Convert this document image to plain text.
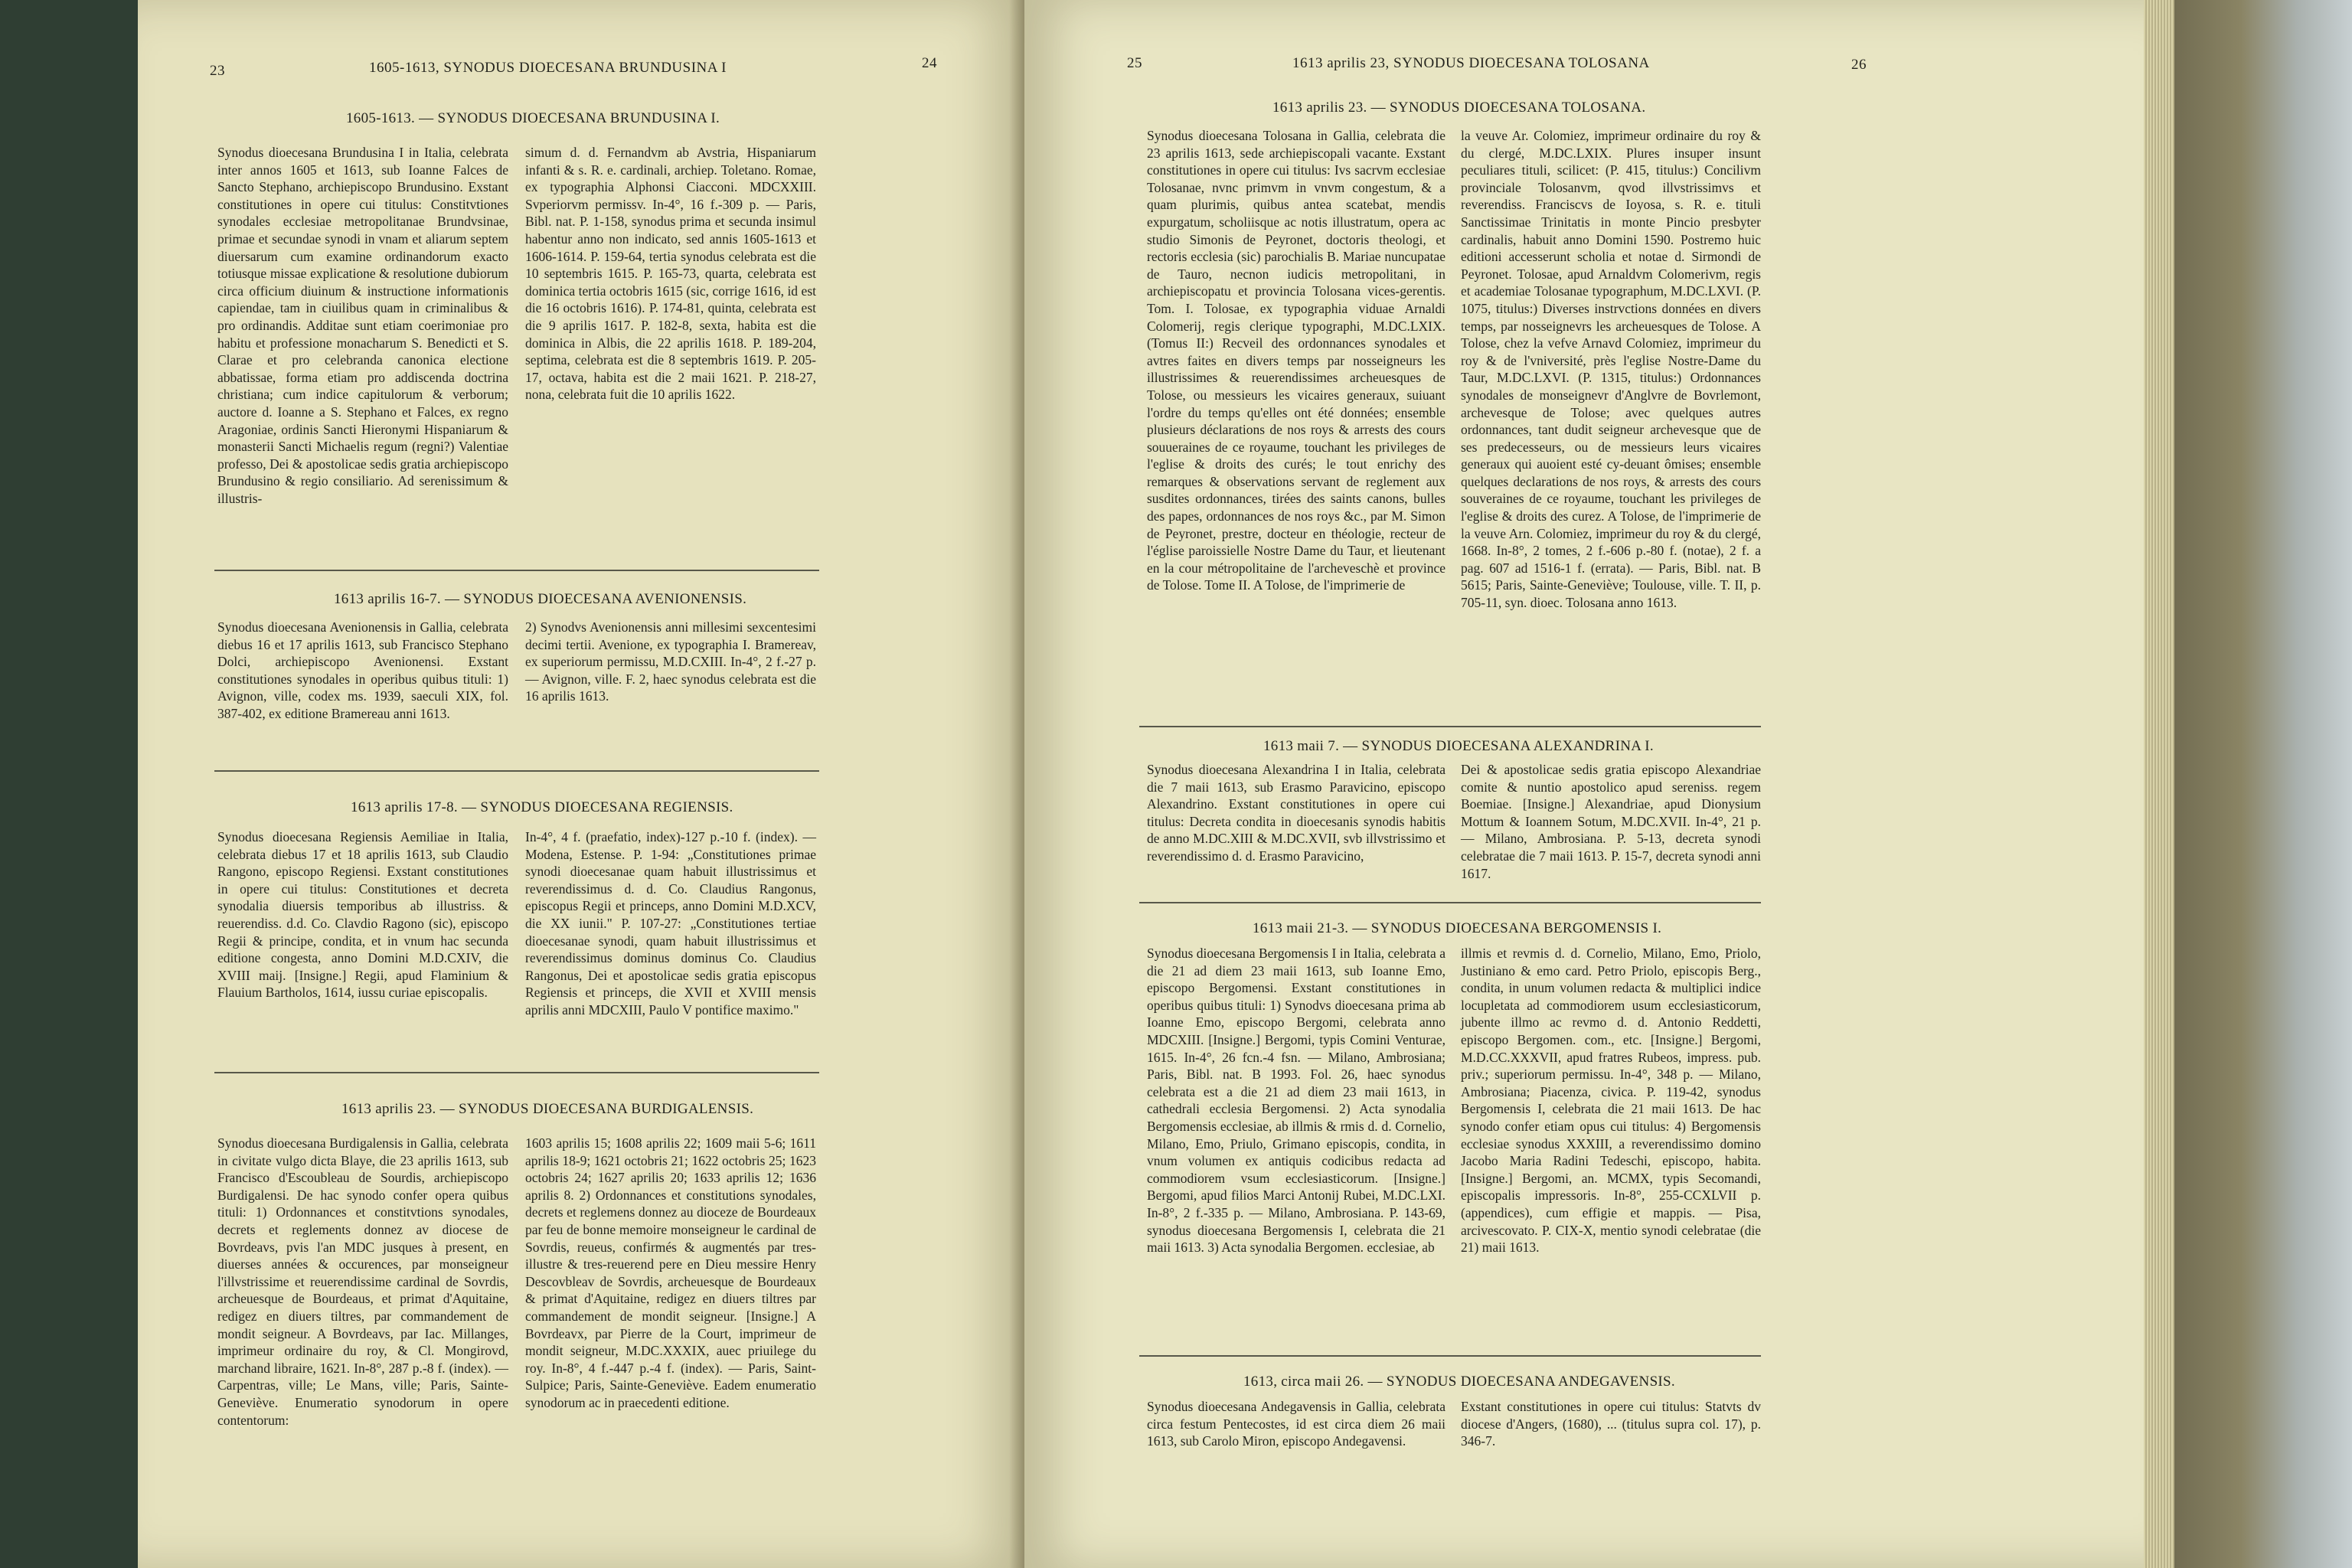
23	1605-1613, SYNODUS DIOECESANA BRUNDUSINA I	24
1605-1613. — SYNODUS DIOECESANA BRUNDUSINA I.

Synodus dioecesana Brundusina I in Italia, celebrata inter annos 1605 et 1613, sub Ioanne Falces de Sancto Stephano, archiepiscopo Brundusino. Exstant constitutiones in opere cui titulus: Constitvtiones synodales ecclesiae metropolitanae Brundvsinae, primae et secundae synodi in vnam et aliarum septem diuersarum cum examine ordinandorum exacto totiusque missae explicatione & resolutione dubiorum circa officium diuinum & instructione informationis capiendae, tam in ciuilibus quam in criminalibus & pro ordinandis. Additae sunt etiam coerimoniae pro habitu et professione monacharum S. Benedicti et S. Clarae et pro celebranda canonica electione abbatissae, forma etiam pro addiscenda doctrina christiana; cum indice capitulorum & verborum; auctore d. Ioanne a S. Stephano et Falces, ex regno Aragoniae, ordinis Sancti Hieronymi Hispaniarum & monasterii Sancti Michaelis regum (regni?) Valentiae professo, Dei & apostolicae sedis gratia archiepiscopo Brundusino & regio consiliario. Ad serenissimum & illustris-

simum d. d. Fernandvm ab Avstria, Hispaniarum infanti & s. R. e. cardinali, archiep. Toletano. Romae, ex typographia Alphonsi Ciacconi. MDCXXIII. Svperiorvm permissv. In-4°, 16 f.-309 p. — Paris, Bibl. nat. P. 1-158, synodus prima et secunda insimul habentur anno non indicato, sed annis 1605-1613 et 1606-1614. P. 159-64, tertia synodus celebrata est die 10 septembris 1615. P. 165-73, quarta, celebrata est dominica tertia octobris 1615 (sic, corrige 1616, id est die 16 octobris 1616). P. 174-81, quinta, celebrata est die 9 aprilis 1617. P. 182-8, sexta, habita est die dominica in Albis, die 22 aprilis 1618. P. 189-204, septima, celebrata est die 8 septembris 1619. P. 205-17, octava, habita est die 2 maii 1621. P. 218-27, nona, celebrata fuit die 10 aprilis 1622.

1613 aprilis 16-7. — SYNODUS DIOECESANA AVENIONENSIS.

Synodus dioecesana Avenionensis in Gallia, celebrata diebus 16 et 17 aprilis 1613, sub Francisco Stephano Dolci, archiepiscopo Avenionensi. Exstant constitutiones synodales in operibus quibus tituli: 1) Avignon, ville, codex ms. 1939, saeculi XIX, fol. 387-402, ex editione Bramereau anni 1613.

2) Synodvs Avenionensis anni millesimi sexcentesimi decimi tertii. Avenione, ex typographia I. Bramereav, ex superiorum permissu, M.D.CXIII. In-4°, 2 f.-27 p. — Avignon, ville. F. 2, haec synodus celebrata est die 16 aprilis 1613.

1613 aprilis 17-8. — SYNODUS DIOECESANA REGIENSIS.

Synodus dioecesana Regiensis Aemiliae in Italia, celebrata diebus 17 et 18 aprilis 1613, sub Claudio Rangono, episcopo Regiensi. Exstant constitutiones in opere cui titulus: Constitutiones et decreta synodalia diuersis temporibus ab illustriss. & reuerendiss. d.d. Co. Clavdio Ragono (sic), episcopo Regii & principe, condita, et in vnum hac secunda editione congesta, anno Domini M.D.CXIV, die XVIII maij. [Insigne.] Regii, apud Flaminium & Flauium Bartholos, 1614, iussu curiae episcopalis.

In-4°, 4 f. (praefatio, index)-127 p.-10 f. (index). — Modena, Estense. P. 1-94: „Constitutiones primae synodi dioecesanae quam habuit illustrissimus et reverendissimus d. d. Co. Claudius Rangonus, episcopus Regii et princeps, anno Domini M.D.XCV, die XX iunii." P. 107-27: „Constitutiones tertiae dioecesanae synodi, quam habuit illustrissimus et reverendissimus dominus dominus Co. Claudius Rangonus, Dei et apostolicae sedis gratia episcopus Regiensis et princeps, die XVII et XVIII mensis aprilis anni MDCXIII, Paulo V pontifice maximo."

1613 aprilis 23. — SYNODUS DIOECESANA BURDIGALENSIS.

Synodus dioecesana Burdigalensis in Gallia, celebrata in civitate vulgo dicta Blaye, die 23 aprilis 1613, sub Francisco d'Escoubleau de Sourdis, archiepiscopo Burdigalensi. De hac synodo confer opera quibus tituli: 1) Ordonnances et constitvtions synodales, decrets et reglements donnez av diocese de Bovrdeavs, pvis l'an MDC jusques à present, en diuerses années & occurences, par monseigneur l'illvstrissime et reuerendissime cardinal de Sovrdis, archeuesque de Bourdeaus, et primat d'Aquitaine, redigez en diuers tiltres, par commandement de mondit seigneur. A Bovrdeavs, par Iac. Millanges, imprimeur ordinaire du roy, & Cl. Mongirovd, marchand libraire, 1621. In-8°, 287 p.-8 f. (index). — Carpentras, ville; Le Mans, ville; Paris, Sainte-Geneviève. Enumeratio synodorum in opere contentorum:

1603 aprilis 15; 1608 aprilis 22; 1609 maii 5-6; 1611 aprilis 18-9; 1621 octobris 21; 1622 octobris 25; 1623 octobris 24; 1627 aprilis 20; 1633 aprilis 12; 1636 aprilis 8. 2) Ordonnances et constitutions synodales, decrets et reglemens donnez au dioceze de Bourdeaux par feu de bonne memoire monseigneur le cardinal de Sovrdis, reueus, confirmés & augmentés par tres-illustre & tres-reuerend pere en Dieu messire Henry Descovbleav de Sovrdis, archeuesque de Bourdeaux & primat d'Aquitaine, redigez en diuers tiltres par commandement de mondit seigneur. [Insigne.] A Bovrdeavx, par Pierre de la Court, imprimeur de mondit seigneur, M.DC.XXXIX, auec priuilege du roy. In-8°, 4 f.-447 p.-4 f. (index). — Paris, Saint-Sulpice; Paris, Sainte-Geneviève. Eadem enumeratio synodorum ac in praecedenti editione.

25	1613 aprilis 23, SYNODUS DIOECESANA TOLOSANA	26
1613 aprilis 23. — SYNODUS DIOECESANA TOLOSANA.

Synodus dioecesana Tolosana in Gallia, celebrata die 23 aprilis 1613, sede archiepiscopali vacante. Exstant constitutiones in opere cui titulus: Ivs sacrvm ecclesiae Tolosanae, nvnc primvm in vnvm congestum, & a quam plurimis, quibus antea scatebat, mendis expurgatum, scholiisque ac notis illustratum, opera ac studio Simonis de Peyronet, doctoris theologi, et rectoris ecclesia (sic) parochialis B. Mariae nuncupatae de Tauro, necnon iudicis metropolitani, in archiepiscopatu et provincia Tolosana vices-gerentis. Tom. I. Tolosae, ex typographia viduae Arnaldi Colomerij, regis clerique typographi, M.DC.LXIX. (Tomus II:) Recveil des ordonnances synodales et avtres faites en divers temps par nosseigneurs les illustrissimes & reuerendissimes archeuesques de Tolose, ou messieurs les vicaires generaux, suiuant l'ordre du temps qu'elles ont été données; ensemble plusieurs déclarations de nos roys & arrests des cours souueraines de ce royaume, touchant les privileges de l'eglise & droits des curés; le tout enrichy des remarques & observations servant de reglement aux susdites ordonnances, tirées des saints canons, bulles des papes, ordonnances de nos roys &c., par M. Simon de Peyronet, prestre, docteur en théologie, recteur de l'église paroissielle Nostre Dame du Taur, et lieutenant en la cour métropolitaine de l'archeveschè et province de Tolose. Tome II. A Tolose, de l'imprimerie de

la veuve Ar. Colomiez, imprimeur ordinaire du roy & du clergé, M.DC.LXIX. Plures insuper insunt peculiares tituli, scilicet: (P. 415, titulus:) Concilivm provinciale Tolosanvm, qvod illvstrissimvs et reverendiss. Franciscvs de Ioyosa, s. R. e. tituli Sanctissimae Trinitatis in monte Pincio presbyter cardinalis, habuit anno Domini 1590. Postremo huic editioni accesserunt scholia et notae d. Sirmondi de Peyronet. Tolosae, apud Arnaldvm Colomerivm, regis et academiae Tolosanae typographum, M.DC.LXVI. (P. 1075, titulus:) Diverses instrvctions données en divers temps, par nosseignevrs les archeuesques de Tolose. A Tolose, chez la vefve Arnavd Colomiez, imprimeur du roy & de l'vniversité, près l'eglise Nostre-Dame du Taur, M.DC.LXVI. (P. 1315, titulus:) Ordonnances synodales de monseignevr d'Anglvre de Bovrlemont, archevesque de Tolose; avec quelques autres ordonnances, tant dudit seigneur archevesque que de ses predecesseurs, ou de messieurs leurs vicaires generaux qui auoient esté cy-deuant ômises; ensemble quelques declarations de nos roys, & arrests des cours souveraines de ce royaume, touchant les privileges de l'eglise & droits des curez. A Tolose, de l'imprimerie de la veuve Arn. Colomiez, imprimeur du roy & du clergé, 1668. In-8°, 2 tomes, 2 f.-606 p.-80 f. (notae), 2 f. a pag. 607 ad 1516-1 f. (errata). — Paris, Bibl. nat. B 5615; Paris, Sainte-Geneviève; Toulouse, ville. T. II, p. 705-11, syn. dioec. Tolosana anno 1613.

1613 maii 7. — SYNODUS DIOECESANA ALEXANDRINA I.

Synodus dioecesana Alexandrina I in Italia, celebrata die 7 maii 1613, sub Erasmo Paravicino, episcopo Alexandrino. Exstant constitutiones in opere cui titulus: Decreta condita in dioecesanis synodis habitis de anno M.DC.XIII & M.DC.XVII, svb illvstrissimo et reverendissimo d. d. Erasmo Paravicino,

Dei & apostolicae sedis gratia episcopo Alexandriae comite & nuntio apostolico apud sereniss. regem Boemiae. [Insigne.] Alexandriae, apud Dionysium Mottum & Ioannem Sotum, M.DC.XVII. In-4°, 21 p. — Milano, Ambrosiana. P. 5-13, decreta synodi celebratae die 7 maii 1613. P. 15-7, decreta synodi anni 1617.

1613 maii 21-3. — SYNODUS DIOECESANA BERGOMENSIS I.

Synodus dioecesana Bergomensis I in Italia, celebrata a die 21 ad diem 23 maii 1613, sub Ioanne Emo, episcopo Bergomensi. Exstant constitutiones in operibus quibus tituli: 1) Synodvs dioecesana prima ab Ioanne Emo, episcopo Bergomi, celebrata anno MDCXIII. [Insigne.] Bergomi, typis Comini Venturae, 1615. In-4°, 26 fcn.-4 fsn. — Milano, Ambrosiana; Paris, Bibl. nat. B 1993. Fol. 26, haec synodus celebrata est a die 21 ad diem 23 maii 1613, in cathedrali ecclesia Bergomensi. 2) Acta synodalia Bergomensis ecclesiae, ab illmis & rmis d. d. Cornelio, Milano, Emo, Priulo, Grimano episcopis, condita, in vnum volumen ex antiquis codicibus redacta ad commodiorem vsum ecclesiasticorum. [Insigne.] Bergomi, apud filios Marci Antonij Rubei, M.DC.LXI. In-8°, 2 f.-335 p. — Milano, Ambrosiana. P. 143-69, synodus dioecesana Bergomensis I, celebrata die 21 maii 1613. 3) Acta synodalia Bergomen. ecclesiae, ab

illmis et revmis d. d. Cornelio, Milano, Emo, Priolo, Justiniano & emo card. Petro Priolo, episcopis Berg., condita, in unum volumen redacta & multiplici indice locupletata ad commodiorem usum ecclesiasticorum, jubente illmo ac revmo d. d. Antonio Reddetti, episcopo Bergomen. com., etc. [Insigne.] Bergomi, M.D.CC.XXXVII, apud fratres Rubeos, impress. pub. priv.; superiorum permissu. In-4°, 348 p. — Milano, Ambrosiana; Piacenza, civica. P. 119-42, synodus Bergomensis I, celebrata die 21 maii 1613. De hac synodo confer etiam opus cui titulus: 4) Bergomensis ecclesiae synodus XXXIII, a reverendissimo domino Jacobo Maria Radini Tedeschi, episcopo, habita. [Insigne.] Bergomi, an. MCMX, typis Secomandi, episcopalis impressoris. In-8°, 255-CCXLVII p. (appendices), cum effigie et mappis. — Pisa, arcivescovato. P. CIX-X, mentio synodi celebratae (die 21) maii 1613.

1613, circa maii 26. — SYNODUS DIOECESANA ANDEGAVENSIS.

Synodus dioecesana Andegavensis in Gallia, celebrata circa festum Pentecostes, id est circa diem 26 maii 1613, sub Carolo Miron, episcopo Andegavensi.

Exstant constitutiones in opere cui titulus: Statvts dv diocese d'Angers, (1680), ... (titulus supra col. 17), p. 346-7.
